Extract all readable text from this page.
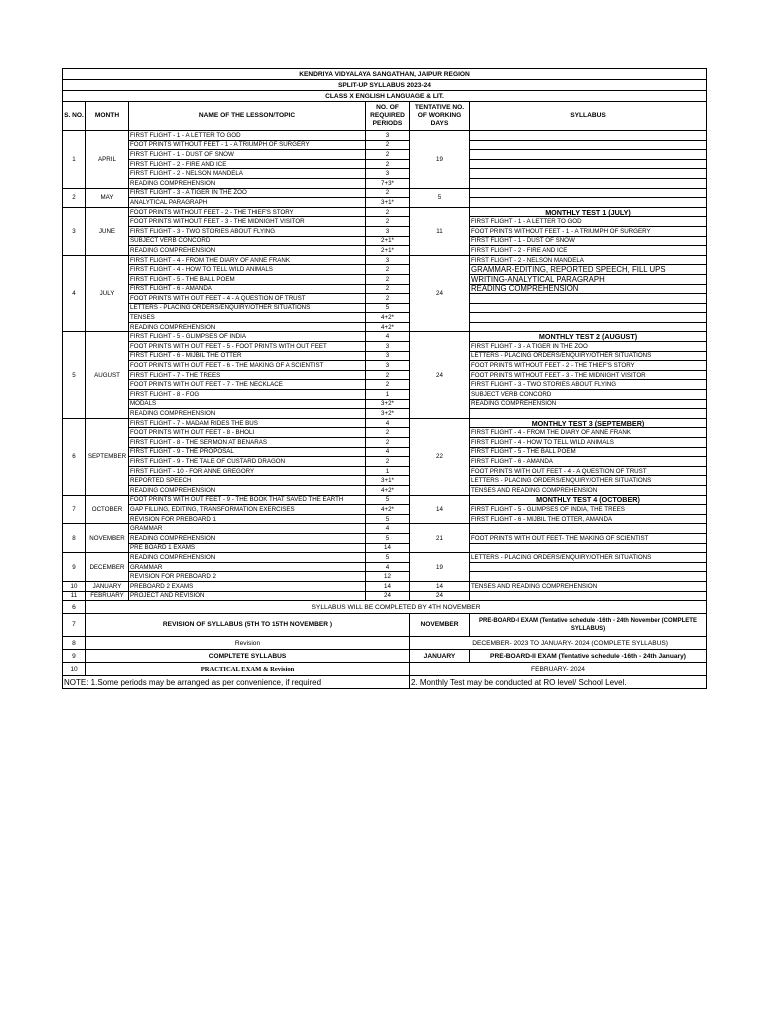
KENDRIYA VIDYALAYA SANGATHAN, JAIPUR REGION					
SPLIT-UP SYLLABUS 2023-24					
CLASS X ENGLISH LANGUAGE & LIT.					
S. NO.	MONTH	NAME OF THE LESSON/TOPIC	NO. OF REQUIRED PERIODS	TENTATIVE NO. OF WORKING DAYS	SYLLABUS
1	APRIL	FIRST FLIGHT - 1 - A LETTER TO GOD	3	19	
		FOOT PRINTS WITHOUT FEET - 1 - A TRIUMPH OF SURGERY	2		
		FIRST FLIGHT - 1 - DUST OF SNOW	2		
		FIRST FLIGHT - 2 - FIRE AND ICE	2		
		FIRST FLIGHT - 2 - NELSON MANDELA	3		
		READING COMPREHENSION	7+3*		
2	MAY	FIRST FLIGHT - 3 - A TIGER IN THE ZOO	2	5	
		ANALYTICAL PARAGRAPH	3+1*		
3	JUNE	FOOT PRINTS WITHOUT FEET - 2 - THE THIEF'S STORY	2	11	MONTHLY TEST 1 (JULY)
		FOOT PRINTS WITHOUT FEET - 3 - THE MIDNIGHT VISITOR	2		FIRST FLIGHT - 1 - A LETTER TO GOD
		FIRST FLIGHT - 3 - TWO STORIES ABOUT FLYING	3		FOOT PRINTS WITHOUT FEET - 1 - A TRIUMPH OF SURGERY
		SUBJECT VERB CONCORD	2+1*		FIRST FLIGHT - 1 - DUST OF SNOW
		READING COMPREHENSION	2+1*		FIRST FLIGHT - 2 - FIRE AND ICE
4	JULY	FIRST FLIGHT - 4 - FROM THE DIARY OF ANNE FRANK	3	24	FIRST FLIGHT - 2 - NELSON MANDELA
		FIRST FLIGHT - 4 - HOW TO TELL WILD ANIMALS	2		GRAMMAR-EDITING, REPORTED SPEECH, FILL UPS
		FIRST FLIGHT - 5 - THE BALL POEM	2		WRITING-ANALYTICAL PARAGRAPH
		FIRST FLIGHT - 6 - AMANDA	2		READING COMPREHENSION
		FOOT PRINTS WITH OUT FEET - 4 - A QUESTION OF TRUST	2		
		LETTERS - PLACING ORDERS/ENQUIRY/OTHER SITUATIONS	5		
		TENSES	4+2*		
		READING COMPREHENSION	4+2*		
5	AUGUST	FIRST FLIGHT - 5 - GLIMPSES OF INDIA	4	24	MONTHLY TEST 2 (AUGUST)
		FOOT PRINTS WITH OUT FEET - 5 - FOOT PRINTS WITH OUT FEET	3		FIRST FLIGHT - 3 - A TIGER IN THE ZOO
		FIRST FLIGHT - 6 - MIJBIL THE OTTER	3		LETTERS - PLACING ORDERS/ENQUIRY/OTHER SITUATIONS
		FOOT PRINTS WITH OUT FEET - 6 - THE MAKING OF A SCIENTIST	3		FOOT PRINTS WITHOUT FEET - 2 - THE THIEF'S STORY
		FIRST FLIGHT - 7 - THE TREES	2		FOOT PRINTS WITHOUT FEET - 3 - THE MIDNIGHT VISITOR
		FOOT PRINTS WITH OUT FEET - 7 - THE NECKLACE	2		FIRST FLIGHT - 3 - TWO STORIES ABOUT FLYING
		FIRST FLIGHT - 8 - FOG	1		SUBJECT VERB CONCORD
		MODALS	3+2*		READING COMPREHENSION
		READING COMPREHENSION	3+2*		
6	SEPTEMBER	FIRST FLIGHT - 7 - MADAM RIDES THE BUS	4	22	MONTHLY TEST 3 (SEPTEMBER)
		FOOT PRINTS WITH OUT FEET - 8 - BHOLI	2		FIRST FLIGHT - 4 - FROM THE DIARY OF ANNE FRANK
		FIRST FLIGHT - 8 - THE SERMON AT BENARAS	2		FIRST FLIGHT - 4 - HOW TO TELL WILD ANIMALS
		FIRST FLIGHT - 9 - THE PROPOSAL	4		FIRST FLIGHT - 5 - THE BALL POEM
		FIRST FLIGHT - 9 - THE TALE OF CUSTARD DRAGON	2		FIRST FLIGHT - 6 - AMANDA
		FIRST FLIGHT - 10 - FOR ANNE GREGORY	1		FOOT PRINTS WITH OUT FEET - 4 - A QUESTION OF TRUST
		REPORTED SPEECH	3+1*		LETTERS - PLACING ORDERS/ENQUIRY/OTHER SITUATIONS
		READING COMPREHENSION	4+2*		TENSES AND READING COMPREHENSION
7	OCTOBER	FOOT PRINTS WITH OUT FEET - 9 - THE BOOK THAT SAVED THE EARTH	5	14	MONTHLY TEST 4 (OCTOBER)
		GAP FILLING, EDITING, TRANSFORMATION EXERCISES	4+2*		FIRST FLIGHT - 5 - GLIMPSES OF INDIA, THE TREES
		REVISION FOR PREBOARD 1	5		FIRST FLIGHT - 6 - MIJBIL THE OTTER, AMANDA
8	NOVEMBER	GRAMMAR	4	21	
		READING COMPREHENSION	5		FOOT PRINTS WITH OUT FEET- THE MAKING OF SCIENTIST
		PRE BOARD 1 EXAMS	14		
9	DECEMBER	READING COMPREHENSION	5	19	LETTERS - PLACING ORDERS/ENQUIRY/OTHER SITUATIONS
		GRAMMAR	4		
		REVISION FOR PREBOARD 2	12		
10	JANUARY	PREBOARD 2 EXAMS	14	14	TENSES AND READING COMPREHENSION
11	FEBRUARY	PROJECT AND REVISION	24	24	
6	SYLLABUS WILL BE COMPLETED BY 4TH NOVEMBER				
7	REVISION OF SYLLABUS (5TH TO 15TH NOVEMBER )			NOVEMBER	PRE-BOARD-I EXAM (Tentative schedule -16th - 24th November (COMPLETE SYLLABUS)
8	Revision			DECEMBER- 2023 TO JANUARY- 2024 (COMPLETE SYLLABUS)	
9	COMPLTETE SYLLABUS			JANUARY	PRE-BOARD-II EXAM (Tentative schedule -16th - 24th January)
10	PRACTICAL EXAM & Revision			FEBRUARY- 2024	
NOTE: 1.Some periods may be arranged as per convenience, if required				2. Monthly Test may be conducted at RO level/ School Level.	
